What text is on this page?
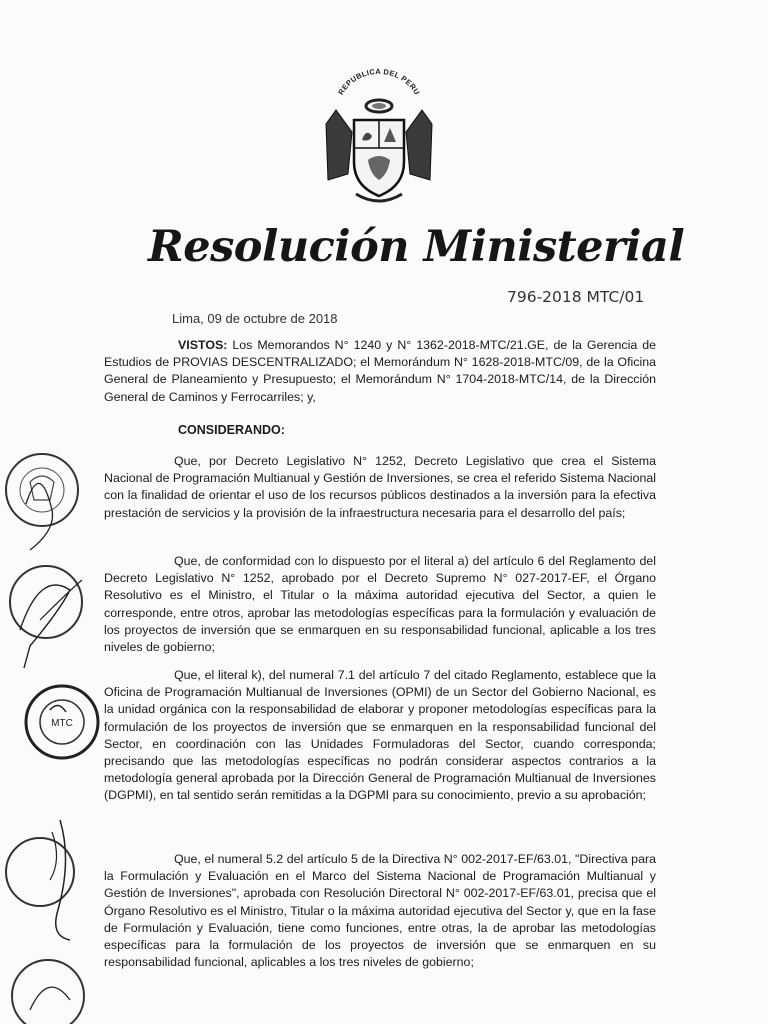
REPUBLICA DEL PERU
Resolución Ministerial
796-2018 MTC/01
Lima, 09 de octubre de 2018

VISTOS: Los Memorandos N° 1240 y N° 1362-2018-MTC/21.GE, de la Gerencia de Estudios de PROVIAS DESCENTRALIZADO; el Memorándum N° 1628-2018-MTC/09, de la Oficina General de Planeamiento y Presupuesto; el Memorándum N° 1704-2018-MTC/14, de la Dirección General de Caminos y Ferrocarriles; y,

CONSIDERANDO:

Que, por Decreto Legislativo N° 1252, Decreto Legislativo que crea el Sistema Nacional de Programación Multianual y Gestión de Inversiones, se crea el referido Sistema Nacional con la finalidad de orientar el uso de los recursos públicos destinados a la inversión para la efectiva prestación de servicios y la provisión de la infraestructura necesaria para el desarrollo del país;

Que, de conformidad con lo dispuesto por el literal a) del artículo 6 del Reglamento del Decreto Legislativo N° 1252, aprobado por el Decreto Supremo N° 027-2017-EF, el Órgano Resolutivo es el Ministro, el Titular o la máxima autoridad ejecutiva del Sector, a quien le corresponde, entre otros, aprobar las metodologías específicas para la formulación y evaluación de los proyectos de inversión que se enmarquen en su responsabilidad funcional, aplicable a los tres niveles de gobierno;

Que, el literal k), del numeral 7.1 del artículo 7 del citado Reglamento, establece que la Oficina de Programación Multianual de Inversiones (OPMI) de un Sector del Gobierno Nacional, es la unidad orgánica con la responsabilidad de elaborar y proponer metodologías específicas para la formulación de los proyectos de inversión que se enmarquen en la responsabilidad funcional del Sector, en coordinación con las Unidades Formuladoras del Sector, cuando corresponda; precisando que las metodologías específicas no podrán considerar aspectos contrarios a la metodología general aprobada por la Dirección General de Programación Multianual de Inversiones (DGPMI), en tal sentido serán remitidas a la DGPMI para su conocimiento, previo a su aprobación;

Que, el numeral 5.2 del artículo 5 de la Directiva N° 002-2017-EF/63.01, "Directiva para la Formulación y Evaluación en el Marco del Sistema Nacional de Programación Multianual y Gestión de Inversiones", aprobada con Resolución Directoral N° 002-2017-EF/63.01, precisa que el Órgano Resolutivo es el Ministro, Titular o la máxima autoridad ejecutiva del Sector y, que en la fase de Formulación y Evaluación, tiene como funciones, entre otras, la de aprobar las metodologías específicas para la formulación de los proyectos de inversión que se enmarquen en su responsabilidad funcional, aplicables a los tres niveles de gobierno;

MTC
